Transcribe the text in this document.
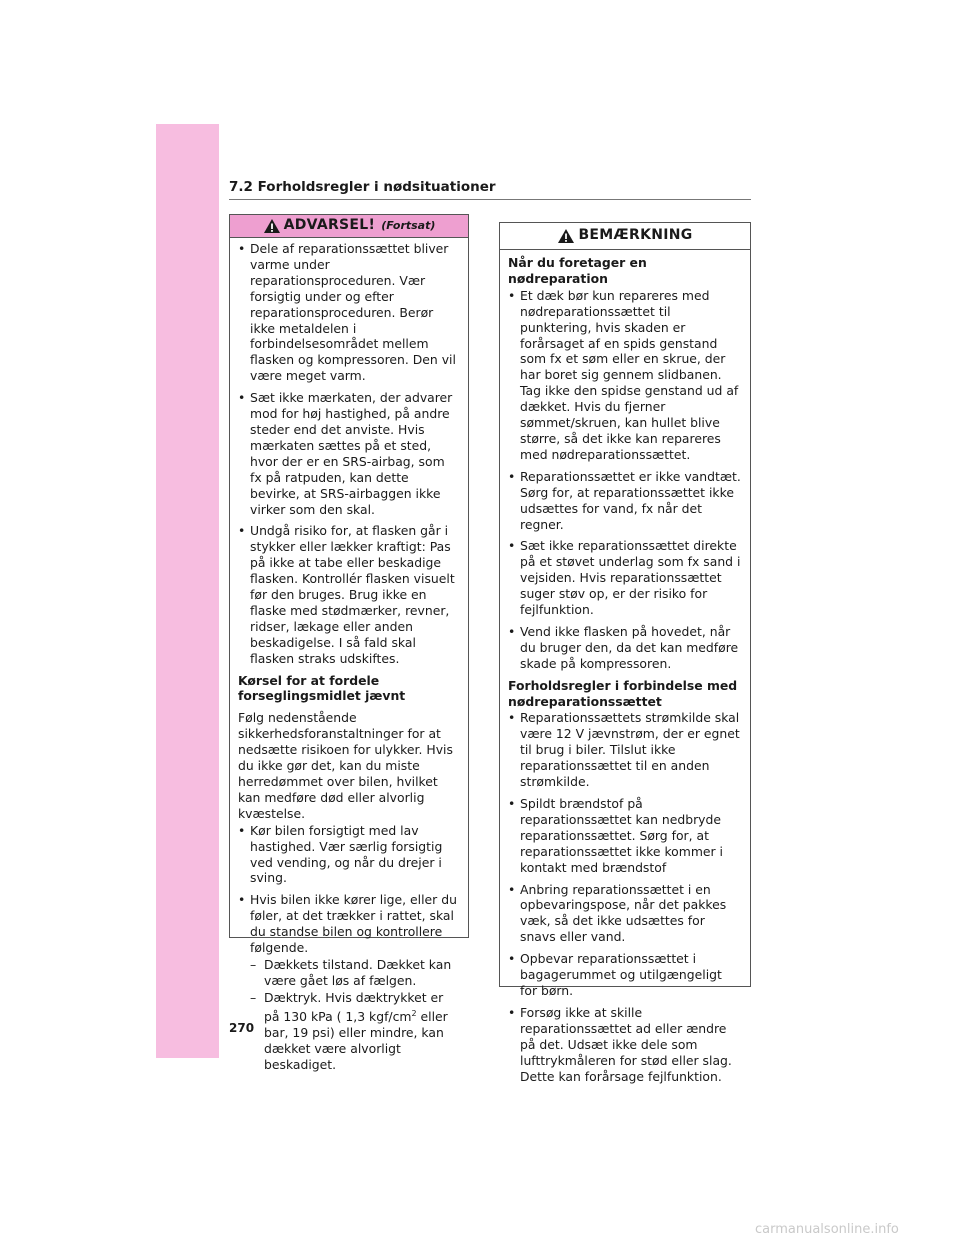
7.2 Forholdsregler i nødsituationer
ADVARSEL! (Fortsat)
• Dele af reparationssættet bliver varme under reparationsproceduren. Vær forsigtig under og efter reparationsproceduren. Berør ikke metaldelen i forbindelsesområdet mellem flasken og kompressoren. Den vil være meget varm.
• Sæt ikke mærkaten, der advarer mod for høj hastighed, på andre steder end det anviste. Hvis mærkaten sættes på et sted, hvor der er en SRS-airbag, som fx på ratpuden, kan dette bevirke, at SRS-airbaggen ikke virker som den skal.
• Undgå risiko for, at flasken går i stykker eller lækker kraftigt: Pas på ikke at tabe eller beskadige flasken. Kontrollér flasken visuelt før den bruges. Brug ikke en flaske med stødmærker, revner, ridser, lækage eller anden beskadigelse. I så fald skal flasken straks udskiftes.
Kørsel for at fordele forseglingsmidlet jævnt
Følg nedenstående sikkerhedsforanstaltninger for at nedsætte risikoen for ulykker. Hvis du ikke gør det, kan du miste herredømmet over bilen, hvilket kan medføre død eller alvorlig kvæstelse.
• Kør bilen forsigtigt med lav hastighed. Vær særlig forsigtig ved vending, og når du drejer i sving.
• Hvis bilen ikke kører lige, eller du føler, at det trækker i rattet, skal du standse bilen og kontrollere følgende.
– Dækkets tilstand. Dækket kan være gået løs af fælgen.
– Dæktryk. Hvis dæktrykket er på 130 kPa ( 1,3 kgf/$cm^2$ eller bar, 19 psi) eller mindre, kan dækket være alvorligt beskadiget.
BEMÆRKNING
Når du foretager en nødreparation
• Et dæk bør kun repareres med nødreparationssættet til punktering, hvis skaden er forårsaget af en spids genstand som fx et søm eller en skrue, der har boret sig gennem slidbanen. Tag ikke den spidse genstand ud af dækket. Hvis du fjerner sømmet/skruen, kan hullet blive større, så det ikke kan repareres med nødreparationssættet.
• Reparationssættet er ikke vandtæt. Sørg for, at reparationssættet ikke udsættes for vand, fx når det regner.
• Sæt ikke reparationssættet direkte på et støvet underlag som fx sand i vejsiden. Hvis reparationssættet suger støv op, er der risiko for fejlfunktion.
• Vend ikke flasken på hovedet, når du bruger den, da det kan medføre skade på kompressoren.
Forholdsregler i forbindelse med nødreparationssættet
• Reparationssættets strømkilde skal være 12 V jævnstrøm, der er egnet til brug i biler. Tilslut ikke reparationssættet til en anden strømkilde.
• Spildt brændstof på reparationssættet kan nedbryde reparationssættet. Sørg for, at reparationssættet ikke kommer i kontakt med brændstof
• Anbring reparationssættet i en opbevaringspose, når det pakkes væk, så det ikke udsættes for snavs eller vand.
• Opbevar reparationssættet i bagagerummet og utilgængeligt for børn.
• Forsøg ikke at skille reparationssættet ad eller ændre på det. Udsæt ikke dele som lufttrykmåleren for stød eller slag. Dette kan forårsage fejlfunktion.
270
carmanualsonline.info
